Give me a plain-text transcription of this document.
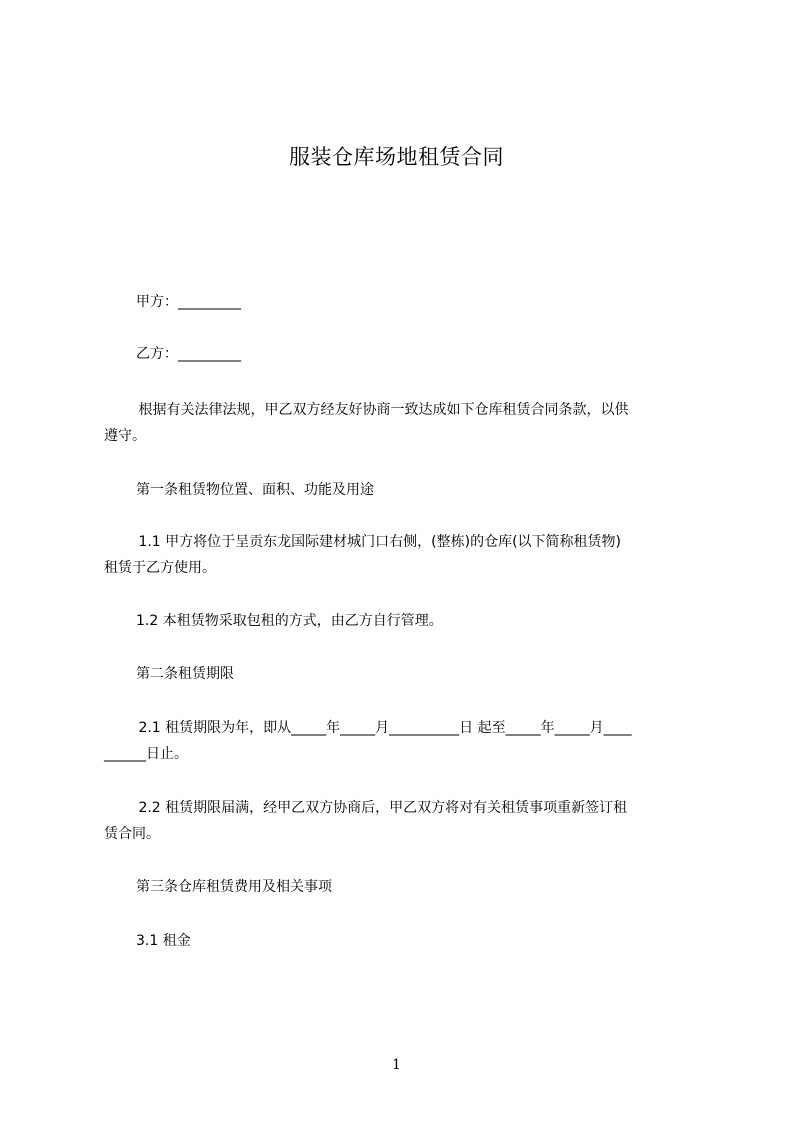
服装仓库场地租赁合同
甲方：_________
乙方：_________
根据有关法律法规，甲乙双方经友好协商一致达成如下仓库租赁合同条款，以供
遵守。
第一条租赁物位置、面积、功能及用途
1.1 甲方将位于呈贡东龙国际建材城门口右侧，(整栋)的仓库(以下简称租赁物)
租赁于乙方使用。
1.2 本租赁物采取包租的方式，由乙方自行管理。
第二条租赁期限
2.1 租赁期限为年，即从_____年_____月__________日 起至_____年_____月____
______日止。
2.2 租赁期限届满，经甲乙双方协商后，甲乙双方将对有关租赁事项重新签订租
赁合同。
第三条仓库租赁费用及相关事项
3.1 租金
1
